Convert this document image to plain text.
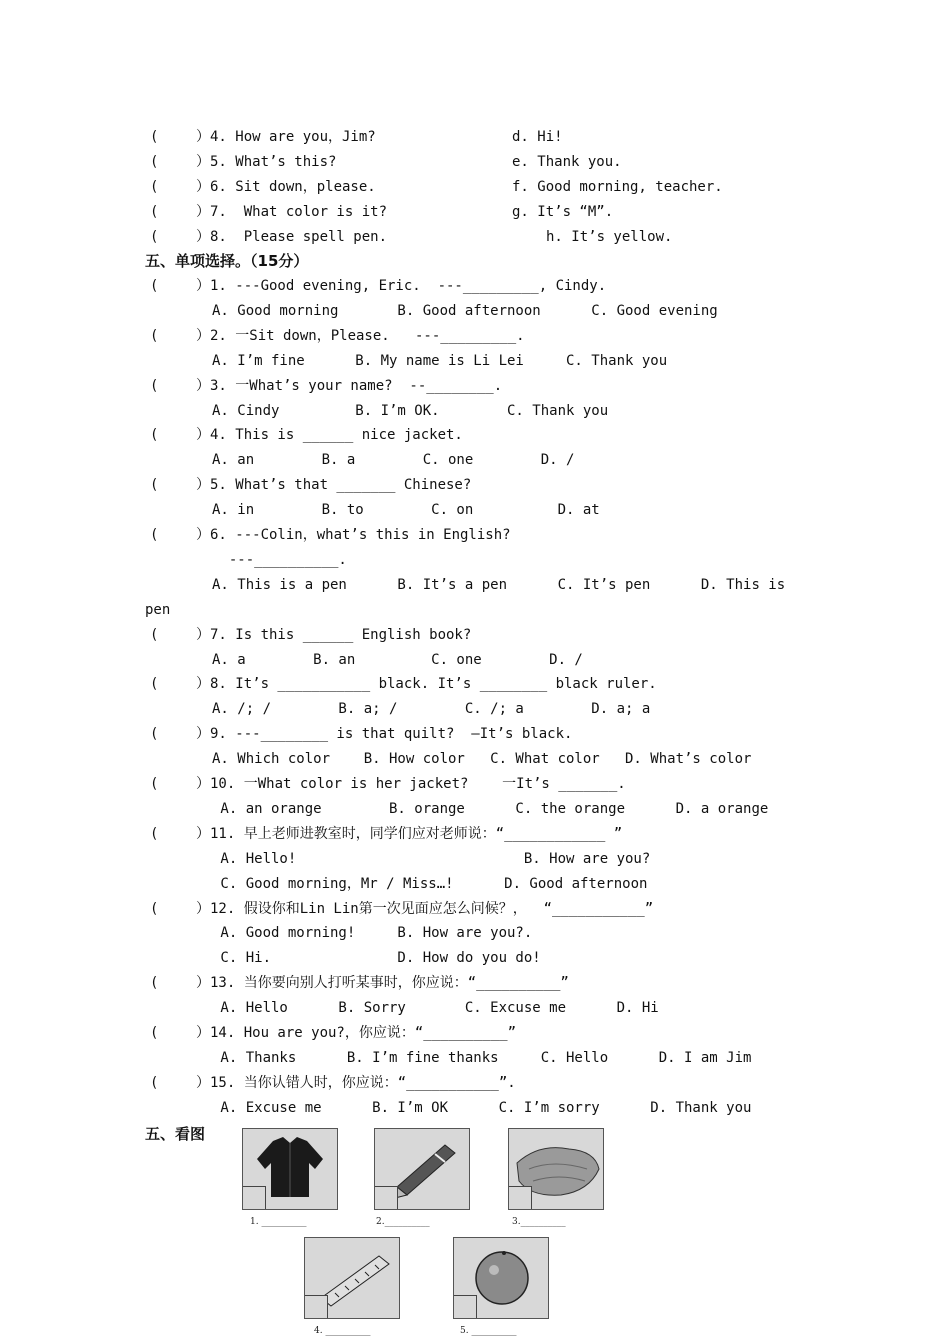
(	）4. How are you，Jim?	d. Hi!
(	）5. What’s this?	e. Thank you.
(	）6. Sit down，please.	f. Good morning, teacher.
(	）7.  What color is it?	g. It’s “M”.
(	）8.  Please spell pen.	h. It’s yellow.
五、单项选择。（15分）
(	）1. ---Good evening, Eric.  ---_________, Cindy.
A. Good morning       B. Good afternoon      C. Good evening
(	）2. 一Sit down，Please.   ---_________.
A. I’m fine      B. My name is Li Lei     C. Thank you
(	）3. 一What’s your name?  --________.
A. Cindy         B. I’m OK.        C. Thank you
(	）4. This is ______ nice jacket.
A. an        B. a        C. one        D. /
(	）5. What’s that _______ Chinese?
A. in        B. to        C. on          D. at
(	）6. ---Colin，what’s this in English?
---__________.
A. This is a pen      B. It’s a pen      C. It’s pen      D. This is
pen
(	）7. Is this ______ English book?
A. a        B. an         C. one        D. /
(	）8. It’s ___________ black. It’s ________ black ruler.
A. /; /        B. a; /        C. /; a        D. a; a
(	）9. ---________ is that quilt?  —It’s black.
A. Which color    B. How color   C. What color   D. What’s color
(	）10. 一What color is her jacket?    一It’s _______.
A. an orange        B. orange      C. the orange      D. a orange
(	）11. 早上老师进教室时，同学们应对老师说：“____________ ”
A. Hello!                           B. How are you?
C. Good morning，Mr / Miss…!      D. Good afternoon
(	）12. 假设你和Lin Lin第一次见面应怎么问候？，  “___________”
A. Good morning!     B. How are you?.
C. Hi.               D. How do you do!
(	）13. 当你要向别人打听某事时，你应说：“__________”
A. Hello      B. Sorry       C. Excuse me      D. Hi
(	）14. Hou are you?，你应说：“__________”
A. Thanks      B. I’m fine thanks     C. Hello      D. I am Jim
(	）15. 当你认错人时，你应说：“___________”.
A. Excuse me      B. I’m OK      C. I’m sorry      D. Thank you
五、看图
1. __________	2.__________	3.__________
4. __________	5. __________
